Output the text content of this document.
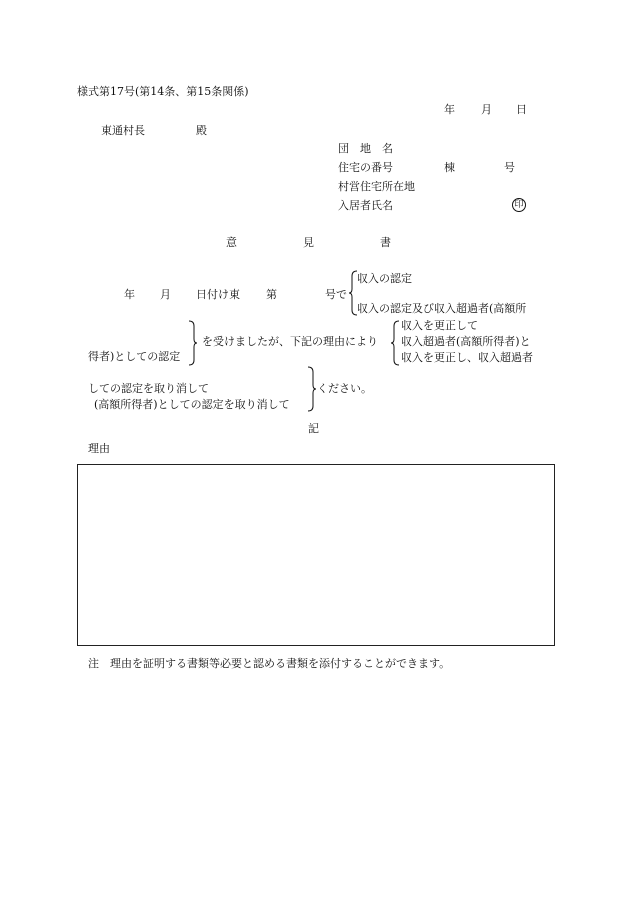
様式第17号(第14条、第15条関係)
年 月 日
東通村長	殿
団　地　名
住宅の番号	棟	号
村営住宅所在地
入居者氏名	印
意　　　　　　見　　　　　　書
年 月 日付け東 第	号で
収入の認定
収入の認定及び収入超過者(高額所
得者)としての認定
を受けましたが、下記の理由により
収入を更正して
収入超過者(高額所得者)と
収入を更正し、収入超過者
しての認定を取り消して
(高額所得者)としての認定を取り消して
ください。
記
理由
注　理由を証明する書類等必要と認める書類を添付することができます。
